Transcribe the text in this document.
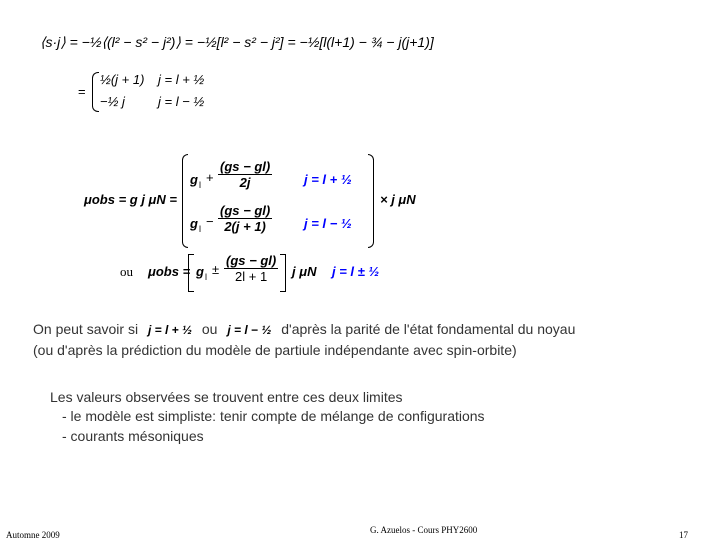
⟨s·j⟩ = −½⟨(l² − s² − j²)⟩ = −½[l² − s² − j²] = −½[l(l+1) − ¾ − j(j+1)]
=
½(j + 1) j = l + ½
−½ j	j = l − ½
μobs = g j μN =
g $l + \frac{(gs - gl)}{2j}$ j = l + ½
g $l - \frac{(gs - gl)}{2(j + 1)}$ j = l − ½
× j μN
ou μobs = g $l \pm \frac{(gs - gl)}{2l + 1}$ j μN j = l ± ½
On peut savoir si j = l + ½ ou j = l − ½ d'après la parité de l'état fondamental du noyau
(ou d'après la prédiction du modèle de partiule indépendante avec spin-orbite)
Les valeurs observées se trouvent entre ces deux limites
- le modèle est simpliste: tenir compte de mélange de configurations
- courants mésoniques
Automne 2009	G. Azuelos - Cours PHY2600	17
